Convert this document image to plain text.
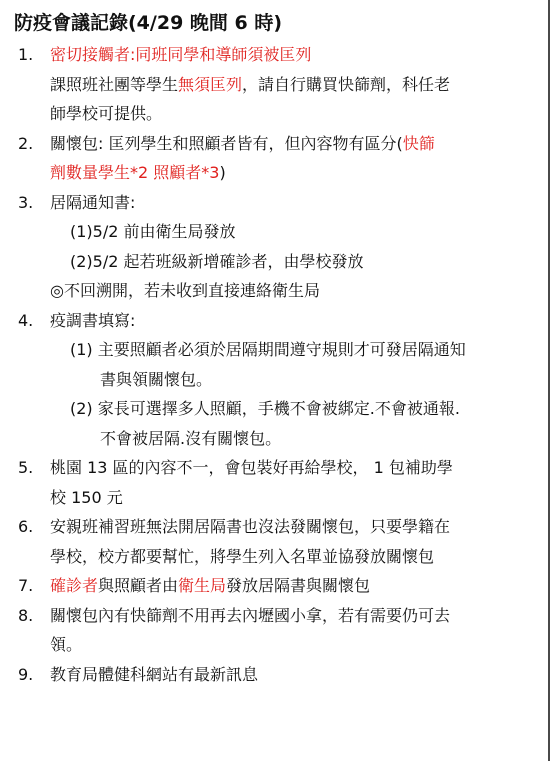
防疫會議記錄(4/29 晚間 6 時)
1.	密切接觸者:同班同學和導師須被匡列
課照班社團等學生無須匡列，請自行購買快篩劑，科任老
師學校可提供。
2.	關懷包: 匡列學生和照顧者皆有，但內容物有區分(快篩
劑數量學生*2 照顧者*3)
3.	居隔通知書:
(1)5/2 前由衛生局發放
(2)5/2 起若班級新增確診者，由學校發放
◎不回溯開，若未收到直接連絡衛生局
4.	疫調書填寫:
(1) 主要照顧者必須於居隔期間遵守規則才可發居隔通知
書與領關懷包。
(2) 家長可選擇多人照顧，手機不會被綁定.不會被通報.
不會被居隔.沒有關懷包。
5.	桃園 13 區的內容不一，會包裝好再給學校， 1 包補助學
校 150 元
6.	安親班補習班無法開居隔書也沒法發關懷包，只要學籍在
學校，校方都要幫忙，將學生列入名單並協發放關懷包
7.	確診者與照顧者由衛生局發放居隔書與關懷包
8.	關懷包內有快篩劑不用再去內壢國小拿，若有需要仍可去
領。
9.	教育局體健科網站有最新訊息
